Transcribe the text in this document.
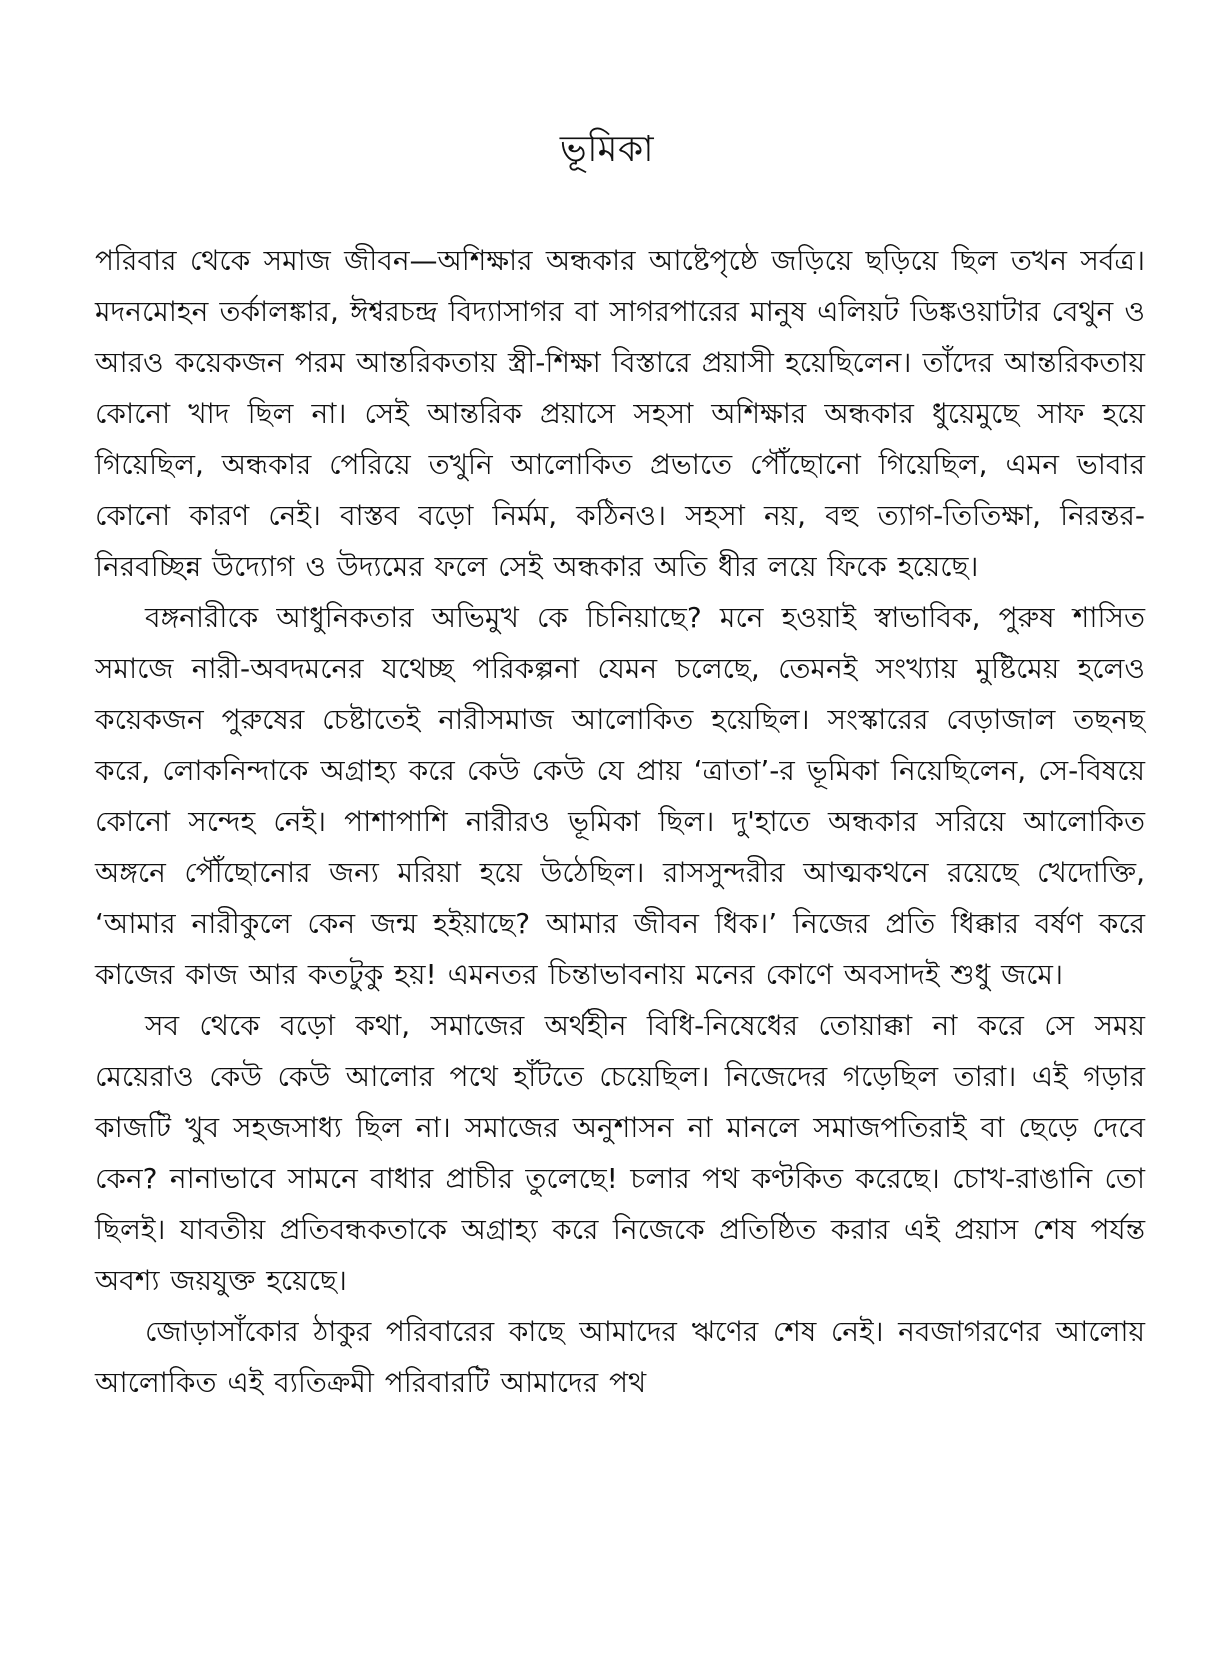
ভূমিকা

পরিবার থেকে সমাজ জীবন—অশিক্ষার অন্ধকার আষ্টেপৃষ্ঠে জড়িয়ে ছড়িয়ে ছিল তখন সর্বত্র। মদনমোহন তর্কালঙ্কার, ঈশ্বরচন্দ্র বিদ্যাসাগর বা সাগরপারের মানুষ এলিয়ট ডিঙ্কওয়াটার বেথুন ও আরও কয়েকজন পরম আন্তরিকতায় স্ত্রী-শিক্ষা বিস্তারে প্রয়াসী হয়েছিলেন। তাঁদের আন্তরিকতায় কোনো খাদ ছিল না। সেই আন্তরিক প্রয়াসে সহসা অশিক্ষার অন্ধকার ধুয়েমুছে সাফ হয়ে গিয়েছিল, অন্ধকার পেরিয়ে তখুনি আলোকিত প্রভাতে পৌঁছোনো গিয়েছিল, এমন ভাবার কোনো কারণ নেই। বাস্তব বড়ো নির্মম, কঠিনও। সহসা নয়, বহু ত্যাগ-তিতিক্ষা, নিরন্তর-নিরবচ্ছিন্ন উদ্যোগ ও উদ্যমের ফলে সেই অন্ধকার অতি ধীর লয়ে ফিকে হয়েছে।

বঙ্গনারীকে আধুনিকতার অভিমুখ কে চিনিয়াছে? মনে হওয়াই স্বাভাবিক, পুরুষ শাসিত সমাজে নারী-অবদমনের যথেচ্ছ পরিকল্পনা যেমন চলেছে, তেমনই সংখ্যায় মুষ্টিমেয় হলেও কয়েকজন পুরুষের চেষ্টাতেই নারীসমাজ আলোকিত হয়েছিল। সংস্কারের বেড়াজাল তছনছ করে, লোকনিন্দাকে অগ্রাহ্য করে কেউ কেউ যে প্রায় ‘ত্রাতা’-র ভূমিকা নিয়েছিলেন, সে-বিষয়ে কোনো সন্দেহ নেই। পাশাপাশি নারীরও ভূমিকা ছিল। দু'হাতে অন্ধকার সরিয়ে আলোকিত অঙ্গনে পৌঁছোনোর জন্য মরিয়া হয়ে উঠেছিল। রাসসুন্দরীর আত্মকথনে রয়েছে খেদোক্তি, ‘আমার নারীকুলে কেন জন্ম হইয়াছে? আমার জীবন ধিক।’ নিজের প্রতি ধিক্কার বর্ষণ করে কাজের কাজ আর কতটুকু হয়! এমনতর চিন্তাভাবনায় মনের কোণে অবসাদই শুধু জমে।

সব থেকে বড়ো কথা, সমাজের অর্থহীন বিধি-নিষেধের তোয়াক্কা না করে সে সময় মেয়েরাও কেউ কেউ আলোর পথে হাঁটতে চেয়েছিল। নিজেদের গড়েছিল তারা। এই গড়ার কাজটি খুব সহজসাধ্য ছিল না। সমাজের অনুশাসন না মানলে সমাজপতিরাই বা ছেড়ে দেবে কেন? নানাভাবে সামনে বাধার প্রাচীর তুলেছে! চলার পথ কণ্টকিত করেছে। চোখ-রাঙানি তো ছিলই। যাবতীয় প্রতিবন্ধকতাকে অগ্রাহ্য করে নিজেকে প্রতিষ্ঠিত করার এই প্রয়াস শেষ পর্যন্ত অবশ্য জয়যুক্ত হয়েছে।

জোড়াসাঁকোর ঠাকুর পরিবারের কাছে আমাদের ঋণের শেষ নেই। নবজাগরণের আলোয় আলোকিত এই ব্যতিক্রমী পরিবারটি আমাদের পথ
